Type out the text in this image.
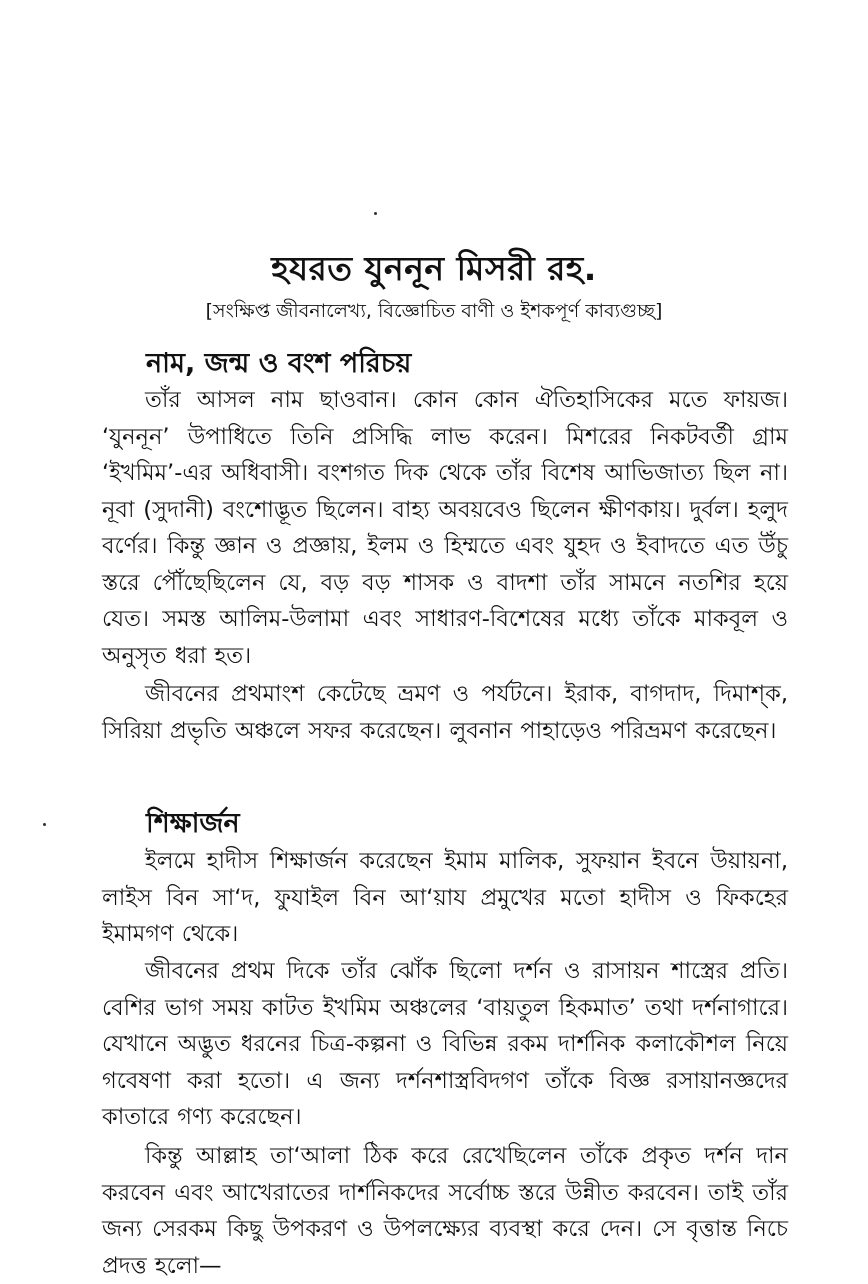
হযরত যুননূন মিসরী রহ.
[সংক্ষিপ্ত জীবনালেখ্য, বিজ্ঞোচিত বাণী ও ইশকপূর্ণ কাব্যগুচ্ছ]
নাম, জন্ম ও বংশ পরিচয়
তাঁর আসল নাম ছাওবান। কোন কোন ঐতিহাসিকের মতে ফায়জ। ‘যুননূন’ উপাধিতে তিনি প্রসিদ্ধি লাভ করেন। মিশরের নিকটবর্তী গ্রাম ‘ইখমিম’-এর অধিবাসী। বংশগত দিক থেকে তাঁর বিশেষ আভিজাত্য ছিল না। নূবা (সুদানী) বংশোদ্ভূত ছিলেন। বাহ্য অবয়বেও ছিলেন ক্ষীণকায়। দুর্বল। হলুদ বর্ণের। কিন্তু জ্ঞান ও প্রজ্ঞায়, ইলম ও হিম্মতে এবং যুহদ ও ইবাদতে এত উঁচু স্তরে পৌঁছেছিলেন যে, বড় বড় শাসক ও বাদশা তাঁর সামনে নতশির হয়ে যেত। সমস্ত আলিম-উলামা এবং সাধারণ-বিশেষের মধ্যে তাঁকে মাকবূল ও অনুসৃত ধরা হত।
জীবনের প্রথমাংশ কেটেছে ভ্রমণ ও পর্যটনে। ইরাক, বাগদাদ, দিমাশ্‌ক, সিরিয়া প্রভৃতি অঞ্চলে সফর করেছেন। লুবনান পাহাড়েও পরিভ্রমণ করেছেন।
শিক্ষার্জন
ইলমে হাদীস শিক্ষার্জন করেছেন ইমাম মালিক, সুফয়ান ইবনে উয়ায়না, লাইস বিন সা‘দ, ফুযাইল বিন আ‘য়ায প্রমুখের মতো হাদীস ও ফিকহের ইমামগণ থেকে।
জীবনের প্রথম দিকে তাঁর ঝোঁক ছিলো দর্শন ও রাসায়ন শাস্ত্রের প্রতি। বেশির ভাগ সময় কাটত ইখমিম অঞ্চলের ‘বায়তুল হিকমাত’ তথা দর্শনাগারে। যেখানে অদ্ভুত ধরনের চিত্র-কল্পনা ও বিভিন্ন রকম দার্শনিক কলাকৌশল নিয়ে গবেষণা করা হতো। এ জন্য দর্শনশাস্ত্রবিদগণ তাঁকে বিজ্ঞ রসায়ানজ্ঞদের কাতারে গণ্য করেছেন।
কিন্তু আল্লাহ তা‘আলা ঠিক করে রেখেছিলেন তাঁকে প্রকৃত দর্শন দান করবেন এবং আখেরাতের দার্শনিকদের সর্বোচ্চ স্তরে উন্নীত করবেন। তাই তাঁর জন্য সেরকম কিছু উপকরণ ও উপলক্ষ্যের ব্যবস্থা করে দেন। সে বৃত্তান্ত নিচে প্রদত্ত হলো—
